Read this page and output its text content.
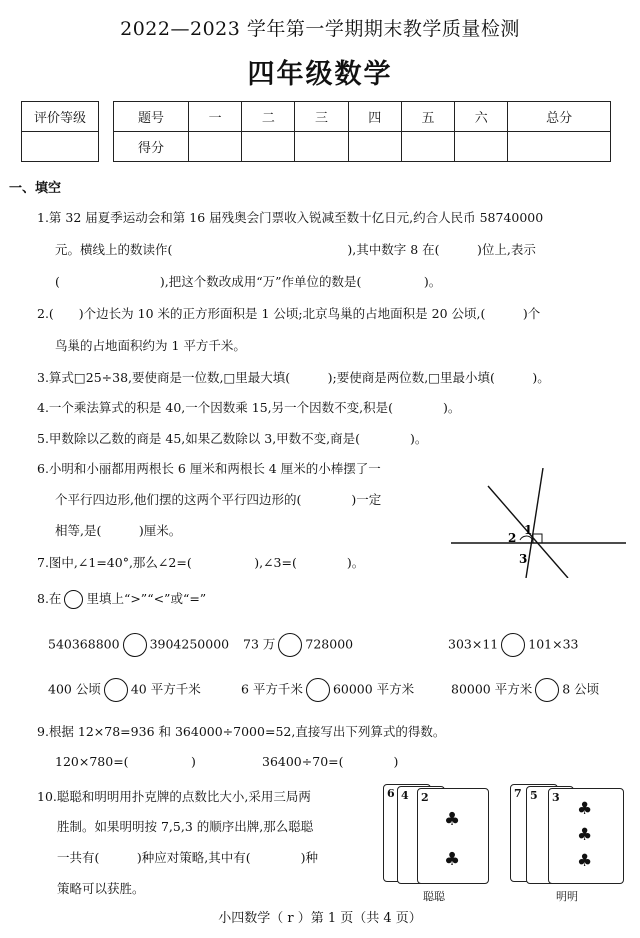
2022—2023 学年第一学期期末教学质量检测
四年级数学
评价等级
	题号	一	二	三	四	五	六	总分
得分							
一、填空
1.第 32 届夏季运动会和第 16 届残奥会门票收入锐减至数十亿日元,约合人民币 58740000
元。横线上的数读作(　　　　　　　　　　　　　　),其中数字 8 在(　　　)位上,表示
(　　　　　　　　),把这个数改成用“万”作单位的数是(　　　　　)。
2.(　　)个边长为 10 米的正方形面积是 1 公顷;北京鸟巢的占地面积是 20 公顷,(　　　)个
鸟巢的占地面积约为 1 平方千米。
3.算式□25÷38,要使商是一位数,□里最大填(　　　);要使商是两位数,□里最小填(　　　)。
4.一个乘法算式的积是 40,一个因数乘 15,另一个因数不变,积是(　　　　)。
5.甲数除以乙数的商是 45,如果乙数除以 3,甲数不变,商是(　　　　)。
6.小明和小丽都用两根长 6 厘米和两根长 4 厘米的小棒摆了一
个平行四边形,他们摆的这两个平行四边形的(　　　　)一定
相等,是(　　　)厘米。	1
2
3
7.图中,∠1=40°,那么∠2=(　　　　　),∠3=(　　　　)。
8.在 里填上“>”“<”或“=”
540368800 3904250000 73 万 728000	303×11 101×33
400 公顷 40 平方千米	6 平方千米 60000 平方米	80000 平方米 8 公顷
9.根据 12×78=936 和 364000÷7000=52,直接写出下列算式的得数。
120×780=(　　　　　)	36400÷70=(　　　　)
10.聪聪和明明用扑克牌的点数比大小,采用三局两
胜制。如果明明按 7,5,3 的顺序出牌,那么聪聪
一共有(　　　)种应对策略,其中有(　　　　)种
策略可以获胜。
6 4 2
♣
♣
聪聪
7 5 3
♣
♣
♣
明明
小四数学（ r ）第 1 页（共 4 页）
